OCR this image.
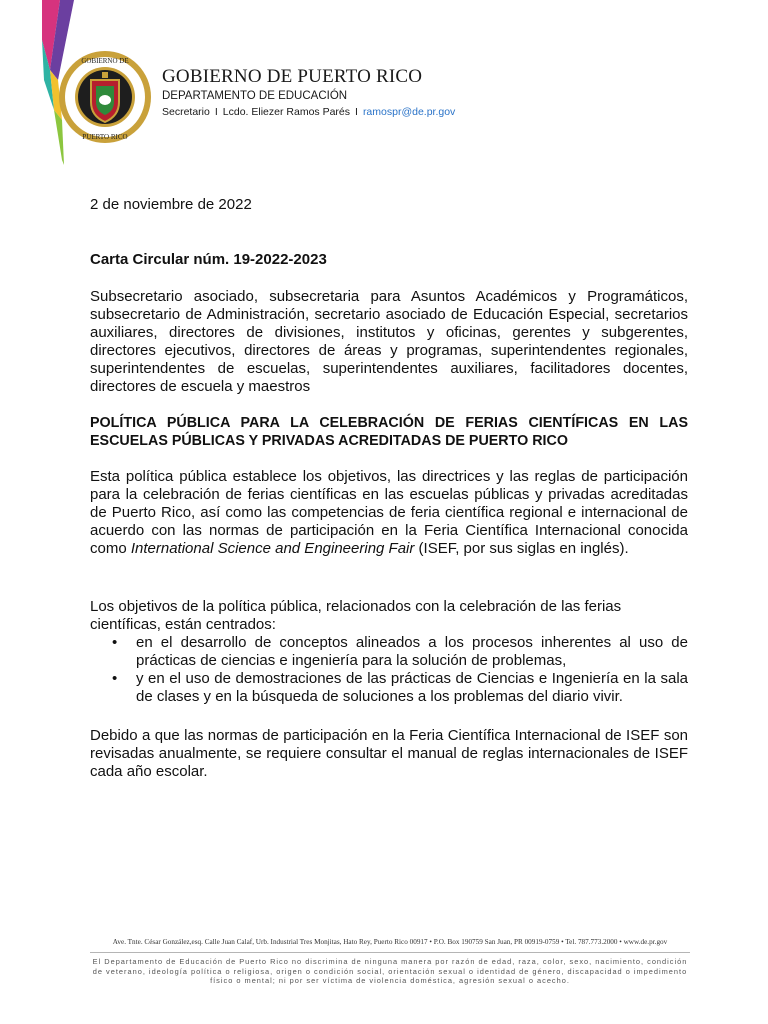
GOBIERNO DE
PUERTO RICO
GOBIERNO DE PUERTO RICO
DEPARTAMENTO DE EDUCACIÓN
Secretario I Lcdo. Eliezer Ramos Parés I ramospr@de.pr.gov
2 de noviembre de 2022
Carta Circular núm. 19-2022-2023
Subsecretario asociado, subsecretaria para Asuntos Académicos y Programáticos, subsecretario de Administración, secretario asociado de Educación Especial, secretarios auxiliares, directores de divisiones, institutos y oficinas, gerentes y subgerentes, directores ejecutivos, directores de áreas y programas, superintendentes regionales, superintendentes de escuelas, superintendentes auxiliares, facilitadores docentes, directores de escuela y maestros
POLÍTICA PÚBLICA PARA LA CELEBRACIÓN DE FERIAS CIENTÍFICAS EN LAS ESCUELAS PÚBLICAS Y PRIVADAS ACREDITADAS DE PUERTO RICO
Esta política pública establece los objetivos, las directrices y las reglas de participación para la celebración de ferias científicas en las escuelas públicas y privadas acreditadas de Puerto Rico, así como las competencias de feria científica regional e internacional de acuerdo con las normas de participación en la Feria Científica Internacional conocida como International Science and Engineering Fair (ISEF, por sus siglas en inglés).
Los objetivos de la política pública, relacionados con la celebración de las ferias científicas, están centrados:
•	en el desarrollo de conceptos alineados a los procesos inherentes al uso de prácticas de ciencias e ingeniería para la solución de problemas,
•	y en el uso de demostraciones de las prácticas de Ciencias e Ingeniería en la sala de clases y en la búsqueda de soluciones a los problemas del diario vivir.
Debido a que las normas de participación en la Feria Científica Internacional de ISEF son revisadas anualmente, se requiere consultar el manual de reglas internacionales de ISEF cada año escolar.
Ave. Tnte. César González,esq. Calle Juan Calaf, Urb. Industrial Tres Monjitas, Hato Rey, Puerto Rico 00917 • P.O. Box 190759 San Juan, PR 00919-0759 • Tel. 787.773.2000 • www.de.pr.gov
El Departamento de Educación de Puerto Rico no discrimina de ninguna manera por razón de edad, raza, color, sexo, nacimiento, condición de veterano, ideología política o religiosa, origen o condición social, orientación sexual o identidad de género, discapacidad o impedimento físico o mental; ni por ser víctima de violencia doméstica, agresión sexual o acecho.
